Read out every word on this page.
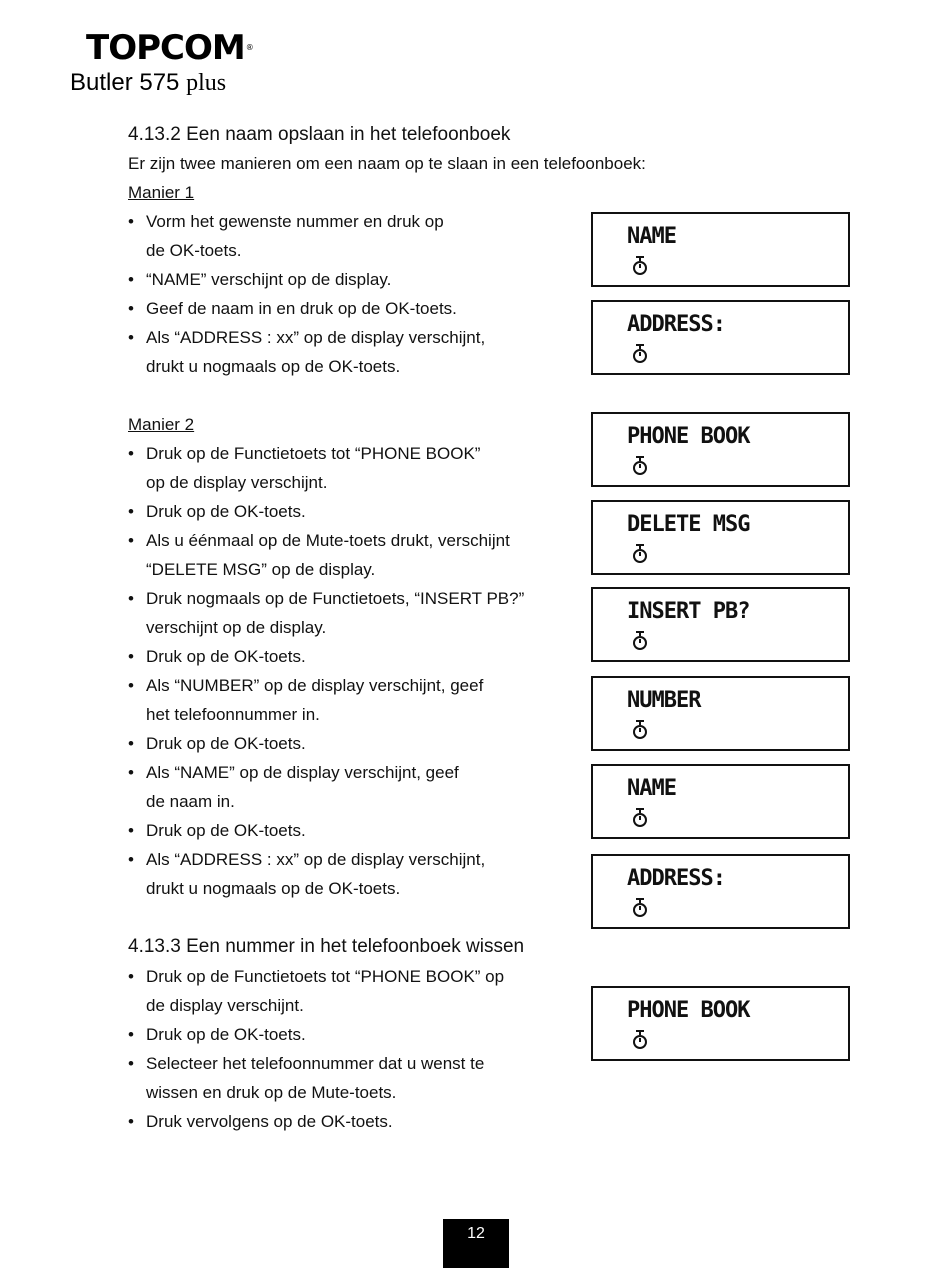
TOPCOM®
Butler 575 plus
4.13.2 Een naam opslaan in het telefoonboek
Er zijn twee manieren om een naam op te slaan in een telefoonboek:
Manier 1
• Vorm het gewenste nummer en druk op
de OK-toets.
• “NAME” verschijnt op de display.
• Geef de naam in en druk op de OK-toets.
• Als “ADDRESS : xx” op de display verschijnt,
drukt u nogmaals op de OK-toets.
Manier 2
• Druk op de Functietoets tot “PHONE BOOK”
op de display verschijnt.
• Druk op de OK-toets.
• Als u éénmaal op de Mute-toets drukt, verschijnt
“DELETE MSG” op de display.
• Druk nogmaals op de Functietoets, “INSERT PB?”
verschijnt op de display.
• Druk op de OK-toets.
• Als “NUMBER” op de display verschijnt, geef
het telefoonnummer in.
• Druk op de OK-toets.
• Als “NAME” op de display verschijnt, geef
de naam in.
• Druk op de OK-toets.
• Als “ADDRESS : xx” op de display verschijnt,
drukt u nogmaals op de OK-toets.
4.13.3 Een nummer in het telefoonboek wissen
• Druk op de Functietoets tot “PHONE BOOK” op
de display verschijnt.
• Druk op de OK-toets.
• Selecteer het telefoonnummer dat u wenst te
wissen en druk op de Mute-toets.
• Druk vervolgens op de OK-toets.
NAME
ADDRESS:
PHONE BOOK
DELETE MSG
INSERT PB?
NUMBER
NAME
ADDRESS:
PHONE BOOK
12
